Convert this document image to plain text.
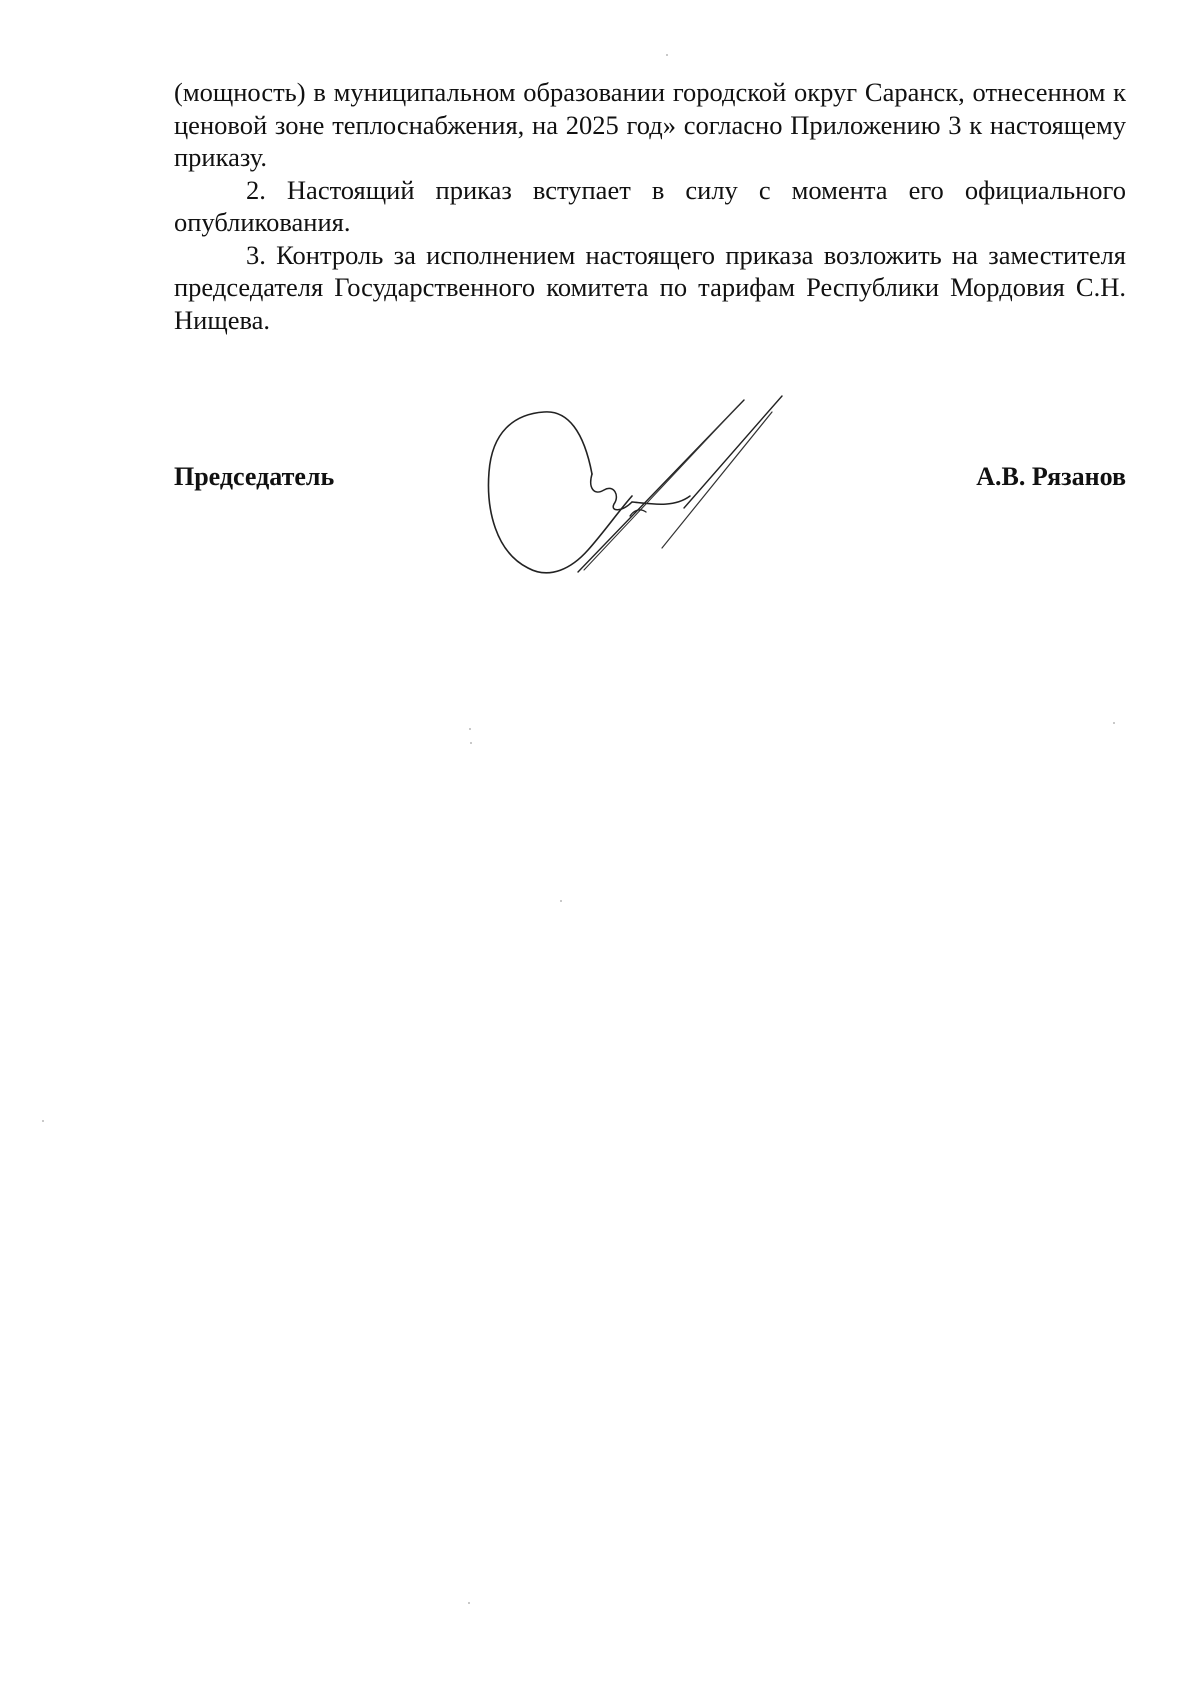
(мощность) в муниципальном образовании городской округ Саранск, отнесенном к ценовой зоне теплоснабжения, на 2025 год» согласно Приложению 3 к настоящему приказу.

2. Настоящий приказ вступает в силу с момента его официального опубликования.

3. Контроль за исполнением настоящего приказа возложить на заместителя председателя Государственного комитета по тарифам Республики Мордовия С.Н. Нищева.

Председатель	А.В. Рязанов
